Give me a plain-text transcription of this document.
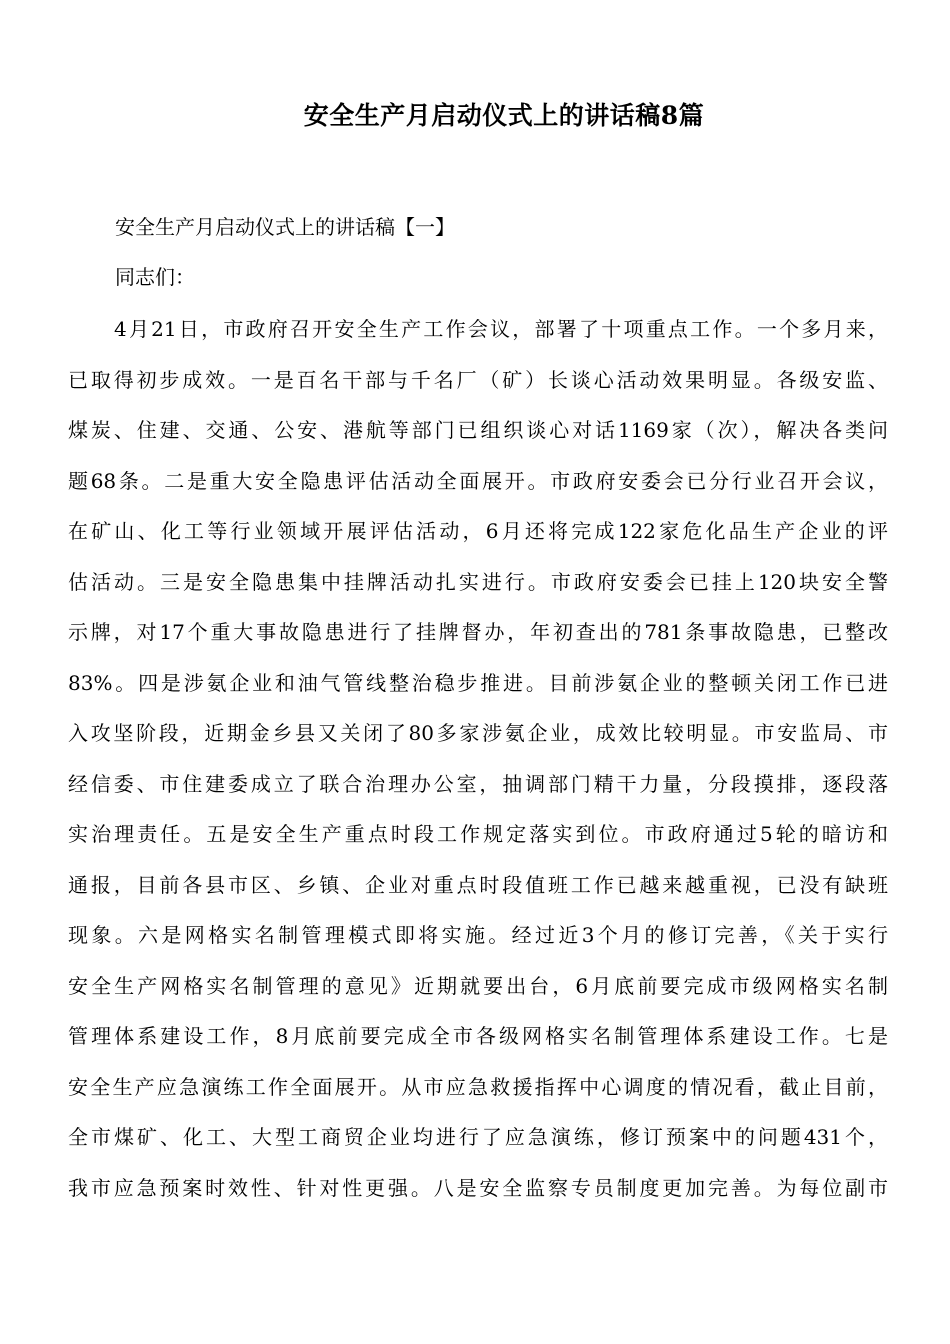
安全生产月启动仪式上的讲话稿8篇
安全生产月启动仪式上的讲话稿【一】
同志们：
4月21日，市政府召开安全生产工作会议，部署了十项重点工作。一个多月来，
已取得初步成效。一是百名干部与千名厂（矿）长谈心活动效果明显。各级安监、
煤炭、住建、交通、公安、港航等部门已组织谈心对话1169家（次），解决各类问
题68条。二是重大安全隐患评估活动全面展开。市政府安委会已分行业召开会议，
在矿山、化工等行业领域开展评估活动，6月还将完成122家危化品生产企业的评
估活动。三是安全隐患集中挂牌活动扎实进行。市政府安委会已挂上120块安全警
示牌，对17个重大事故隐患进行了挂牌督办，年初查出的781条事故隐患，已整改
83%。四是涉氨企业和油气管线整治稳步推进。目前涉氨企业的整顿关闭工作已进
入攻坚阶段，近期金乡县又关闭了80多家涉氨企业，成效比较明显。市安监局、市
经信委、市住建委成立了联合治理办公室，抽调部门精干力量，分段摸排，逐段落
实治理责任。五是安全生产重点时段工作规定落实到位。市政府通过5轮的暗访和
通报，目前各县市区、乡镇、企业对重点时段值班工作已越来越重视，已没有缺班
现象。六是网格实名制管理模式即将实施。经过近3个月的修订完善，《关于实行
安全生产网格实名制管理的意见》近期就要出台，6月底前要完成市级网格实名制
管理体系建设工作，8月底前要完成全市各级网格实名制管理体系建设工作。七是
安全生产应急演练工作全面展开。从市应急救援指挥中心调度的情况看，截止目前，
全市煤矿、化工、大型工商贸企业均进行了应急演练，修订预案中的问题431个，
我市应急预案时效性、针对性更强。八是安全监察专员制度更加完善。为每位副市
